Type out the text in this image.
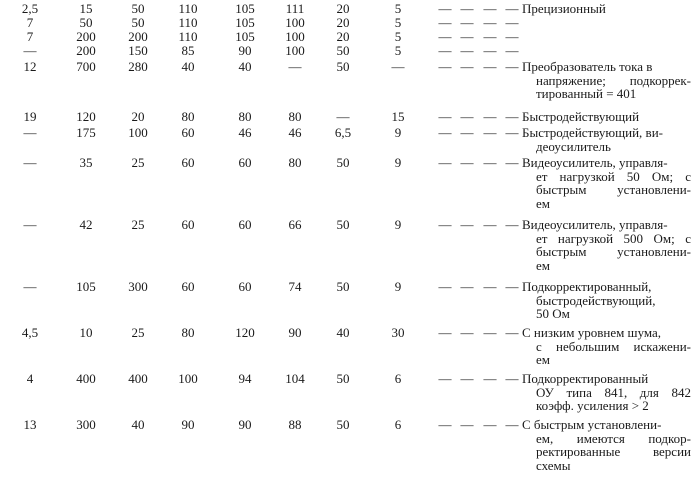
2,5	15	50	110	105	111	20	5	— — — — Прецизионный
7	50	50	110	105	100	20	5	— — — —
7	200	200	110	105	100	20	5	— — — —
—	200	150	85	90	100	50	5	— — — —
12	700	280	40	40	—	50	—	— — — — Преобразователь тока в
напряжение; подкоррек-
тированный = 401
19	120	20	80	80	80	—	15	— — — — Быстродействующий
—	175	100	60	46	46	6,5	9	— — — — Быстродействующий, ви-
деоусилитель
—	35	25	60	60	80	50	9	— — — — Видеоусилитель, управля-
ет нагрузкой 50 Ом; с
быстрым установлени-
ем
—	42	25	60	60	66	50	9	— — — — Видеоусилитель, управля-
ет нагрузкой 500 Ом; с
быстрым установлени-
ем
—	105	300	60	60	74	50	9	— — — — Подкорректированный,
быстродействующий,
50 Ом
4,5	10	25	80	120	90	40	30	— — — — С низким уровнем шума,
с небольшим искажени-
ем
4	400	400	100	94	104	50	6	— — — — Подкорректированный
ОУ типа 841, для 842
коэфф. усиления > 2
13	300	40	90	90	88	50	6	— — — — С быстрым установлени-
ем, имеются подкор-
ректированные версии
схемы
